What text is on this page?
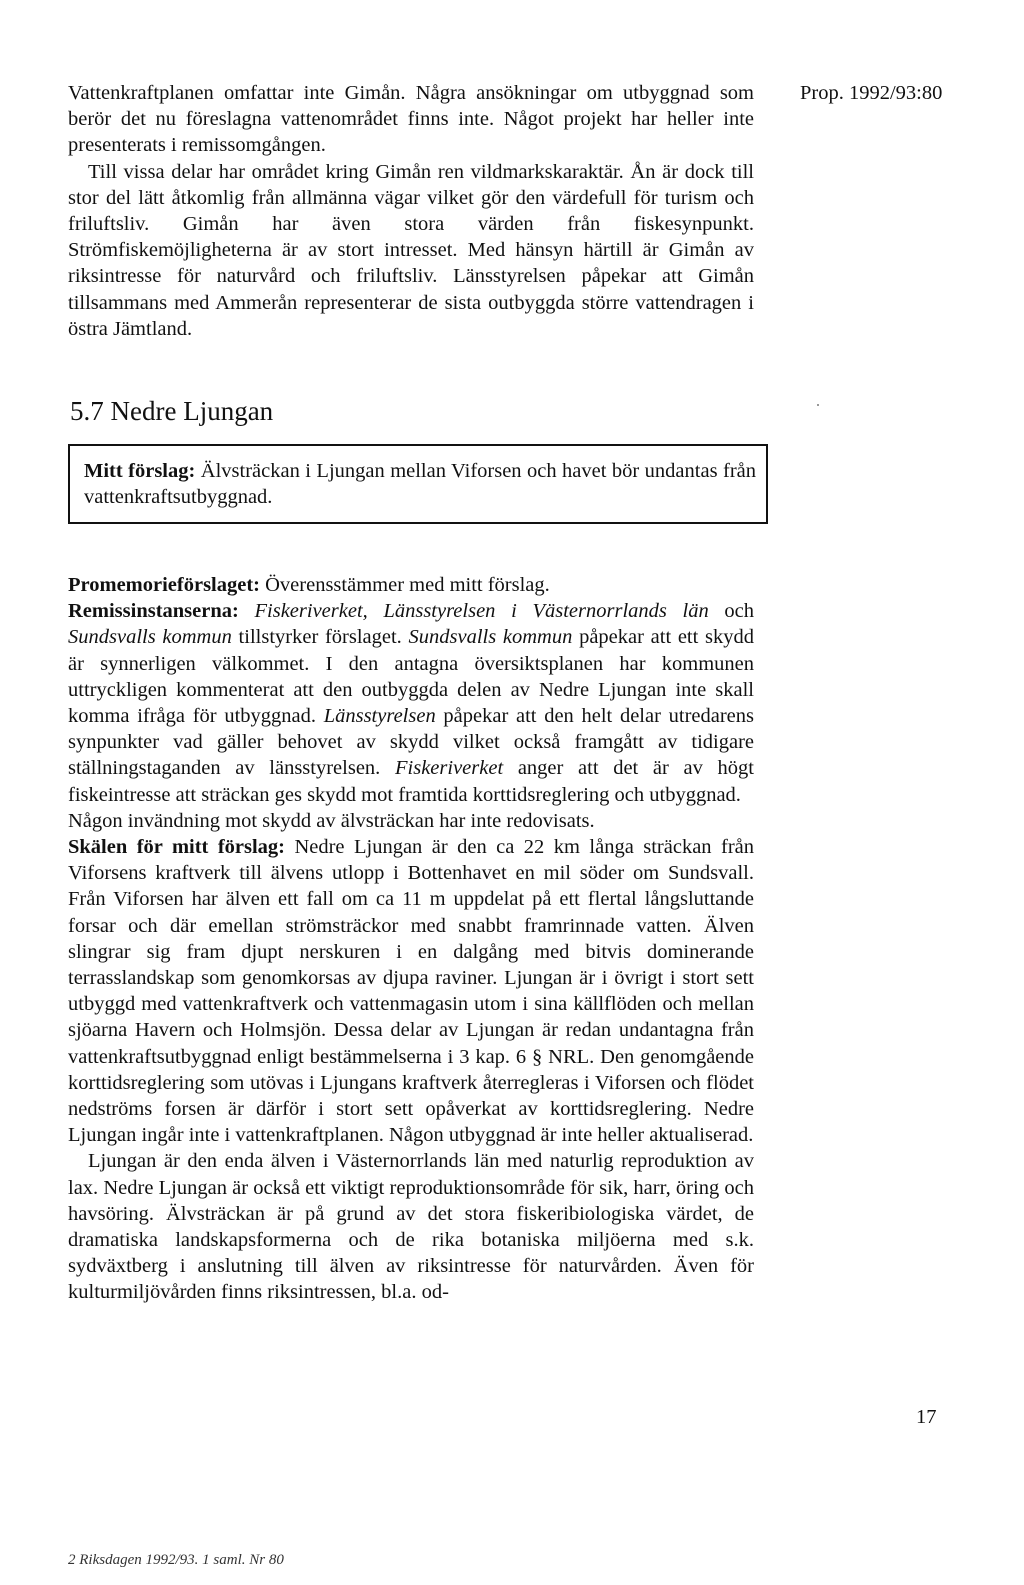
Prop. 1992/93:80

Vattenkraftplanen omfattar inte Gimån. Några ansökningar om utbyggnad som berör det nu föreslagna vattenområdet finns inte. Något projekt har heller inte presenterats i remissomgången.

Till vissa delar har området kring Gimån ren vildmarkskaraktär. Ån är dock till stor del lätt åtkomlig från allmänna vägar vilket gör den värdefull för turism och friluftsliv. Gimån har även stora värden från fiskesynpunkt. Strömfiskemöjligheterna är av stort intresset. Med hänsyn härtill är Gimån av riksintresse för naturvård och friluftsliv. Länsstyrelsen påpekar att Gimån tillsammans med Ammerån representerar de sista outbyggda större vattendragen i östra Jämtland.

5.7 Nedre Ljungan
Mitt förslag: Älvsträckan i Ljungan mellan Viforsen och havet bör undantas från vattenkraftsutbyggnad.

Promemorieförslaget: Överensstämmer med mitt förslag.

Remissinstanserna: Fiskeriverket, Länsstyrelsen i Västernorrlands län och Sundsvalls kommun tillstyrker förslaget. Sundsvalls kommun påpekar att ett skydd är synnerligen välkommet. I den antagna översiktsplanen har kommunen uttryckligen kommenterat att den outbyggda delen av Nedre Ljungan inte skall komma ifråga för utbyggnad. Länsstyrelsen påpekar att den helt delar utredarens synpunkter vad gäller behovet av skydd vilket också framgått av tidigare ställningstaganden av länsstyrelsen. Fiskeriverket anger att det är av högt fiskeintresse att sträckan ges skydd mot framtida korttidsreglering och utbyggnad.

Någon invändning mot skydd av älvsträckan har inte redovisats.

Skälen för mitt förslag: Nedre Ljungan är den ca 22 km långa sträckan från Viforsens kraftverk till älvens utlopp i Bottenhavet en mil söder om Sundsvall. Från Viforsen har älven ett fall om ca 11 m uppdelat på ett flertal långsluttande forsar och där emellan strömsträckor med snabbt framrinnade vatten. Älven slingrar sig fram djupt nerskuren i en dalgång med bitvis dominerande terrasslandskap som genomkorsas av djupa raviner. Ljungan är i övrigt i stort sett utbyggd med vattenkraftverk och vattenmagasin utom i sina källflöden och mellan sjöarna Havern och Holmsjön. Dessa delar av Ljungan är redan undantagna från vattenkraftsutbyggnad enligt bestämmelserna i 3 kap. 6 § NRL. Den genomgående korttidsreglering som utövas i Ljungans kraftverk återregleras i Viforsen och flödet nedströms forsen är därför i stort sett opåverkat av korttidsreglering. Nedre Ljungan ingår inte i vattenkraftplanen. Någon utbyggnad är inte heller aktualiserad.

Ljungan är den enda älven i Västernorrlands län med naturlig reproduktion av lax. Nedre Ljungan är också ett viktigt reproduktionsområde för sik, harr, öring och havsöring. Älvsträckan är på grund av det stora fiskeribiologiska värdet, de dramatiska landskapsformerna och de rika botaniska miljöerna med s.k. sydväxtberg i anslutning till älven av riksintresse för naturvården. Även för kulturmiljövården finns riksintressen, bl.a. od-

17
2 Riksdagen 1992/93. 1 saml. Nr 80
